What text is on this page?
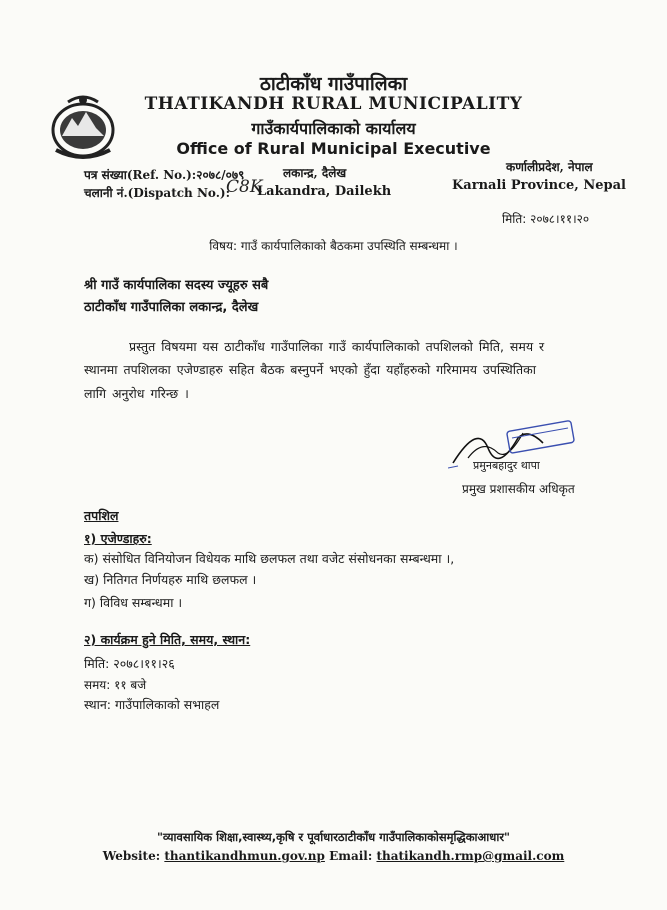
ठाटीकाँध गाउँपालिका
THATIKANDH RURAL MUNICIPALITY
गाउँकार्यपालिकाको कार्यालय
Office of Rural Municipal Executive
पत्र संख्या(Ref. No.):२०७८/०७९	लकान्द्र, दैलेख
चलानी नं.(Dispatch No.):
C8K
Lakandra, Dailekh
कर्णालीप्रदेश, नेपाल
Karnali Province, Nepal
मिति: २०७८।११।२०
विषय: गाउँ कार्यपालिकाको बैठकमा उपस्थिति सम्बन्धमा ।
श्री गाउँ कार्यपालिका सदस्य ज्यूहरु सबै
ठाटीकाँध गाउँपालिका लकान्द्र, दैलेख
प्रस्तुत विषयमा यस ठाटीकाँध गाउँपालिका गाउँ कार्यपालिकाको तपशिलको मिति, समय र
स्थानमा तपशिलका एजेण्डाहरु सहित बैठक बस्नुपर्ने भएको हुँदा यहाँहरुको गरिमामय उपस्थितिका
लागि अनुरोध गरिन्छ ।
प्रमुनबहादुर थापा
प्रमुख प्रशासकीय अधिकृत
तपशिल
१) एजेण्डाहरु:
क) संसोधित विनियोजन विधेयक माथि छलफल तथा वजेट संसोधनका सम्बन्धमा ।,
ख) नितिगत निर्णयहरु माथि छलफल ।
ग) विविध सम्बन्धमा ।
२) कार्यक्रम हुने मिति, समय, स्थान:
मिति: २०७८।११।२६
समय: ११ बजे
स्थान: गाउँपालिकाको सभाहल
"व्यावसायिक शिक्षा,स्वास्थ्य,कृषि र पूर्वाधारठाटीकाँध गाउँपालिकाकोसमृद्धिकाआधार"
Website: thantikandhmun.gov.np Email: thatikandh.rmp@gmail.com
